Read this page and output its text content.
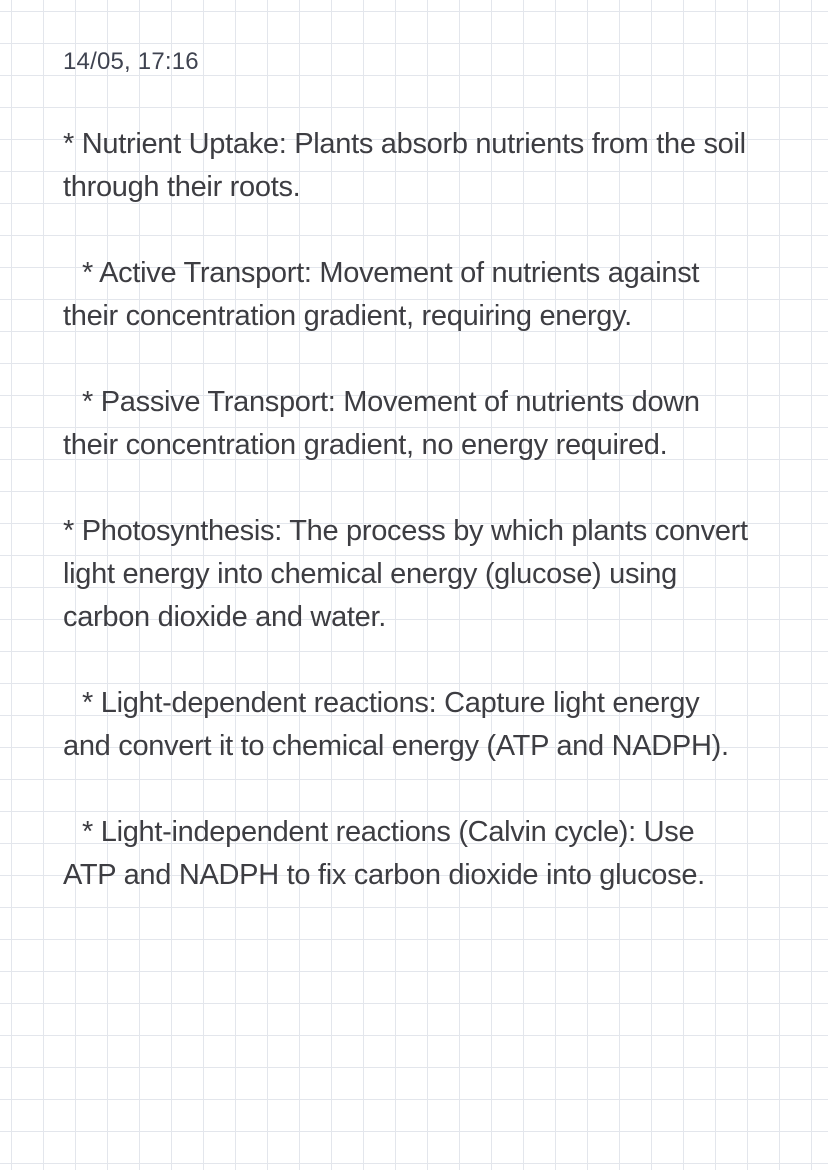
14/05, 17:16

* Nutrient Uptake: Plants absorb nutrients from the soil through their roots.

* Active Transport: Movement of nutrients against their concentration gradient, requiring energy.

* Passive Transport: Movement of nutrients down their concentration gradient, no energy required.

* Photosynthesis: The process by which plants convert light energy into chemical energy (glucose) using carbon dioxide and water.

* Light-dependent reactions: Capture light energy and convert it to chemical energy (ATP and NADPH).

* Light-independent reactions (Calvin cycle): Use ATP and NADPH to fix carbon dioxide into glucose.
